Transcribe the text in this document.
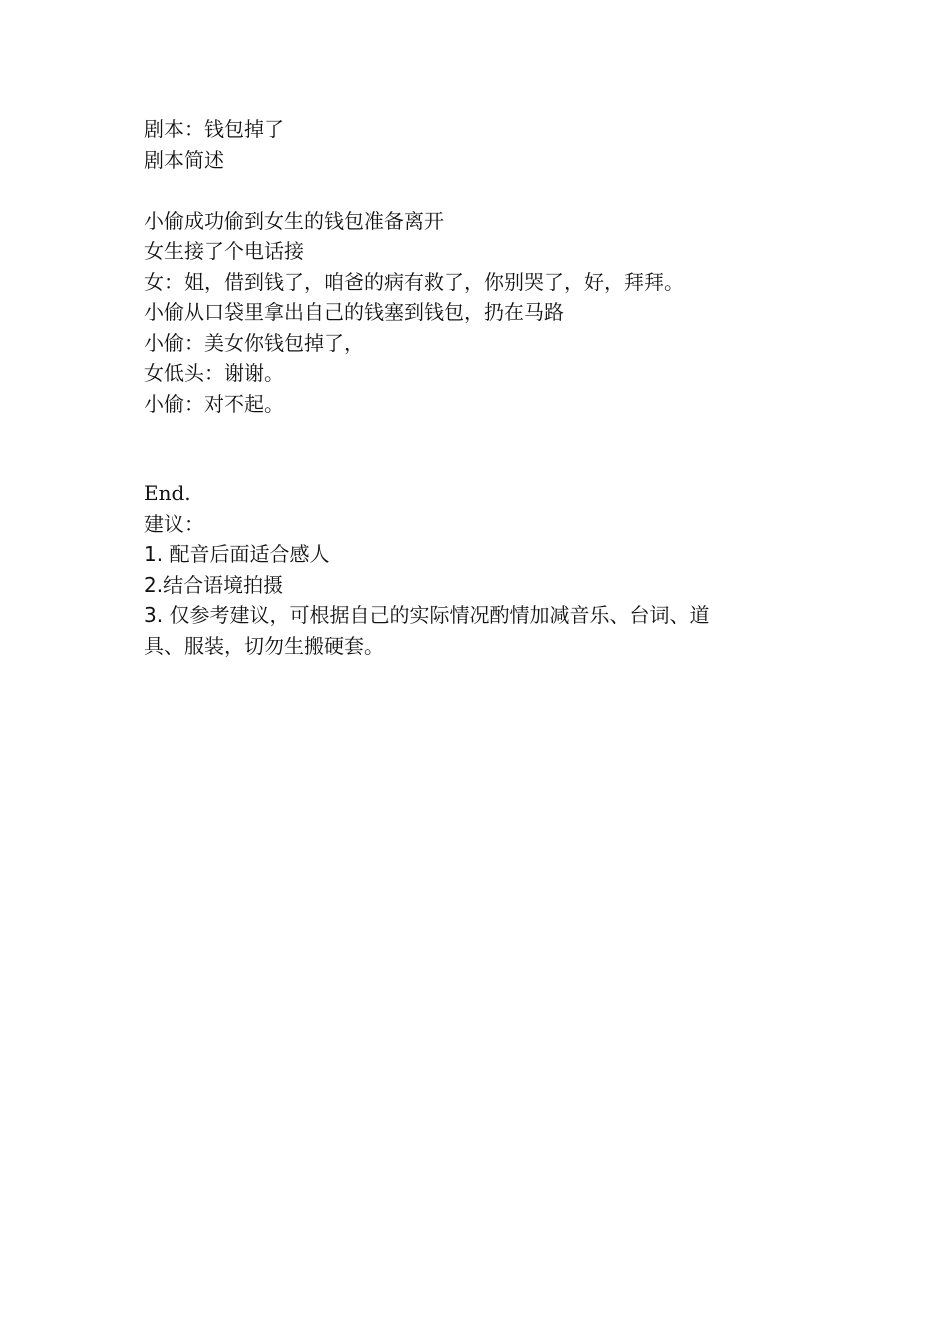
剧本：钱包掉了
剧本简述
小偷成功偷到女生的钱包准备离开
女生接了个电话接
女：姐，借到钱了，咱爸的病有救了，你别哭了，好，拜拜。
小偷从口袋里拿出自己的钱塞到钱包，扔在马路
小偷：美女你钱包掉了，
女低头：谢谢。
小偷：对不起。
End.
建议：
1. 配音后面适合感人
2.结合语境拍摄
3. 仅参考建议，可根据自己的实际情况酌情加减音乐、台词、道具、服装，切勿生搬硬套。
